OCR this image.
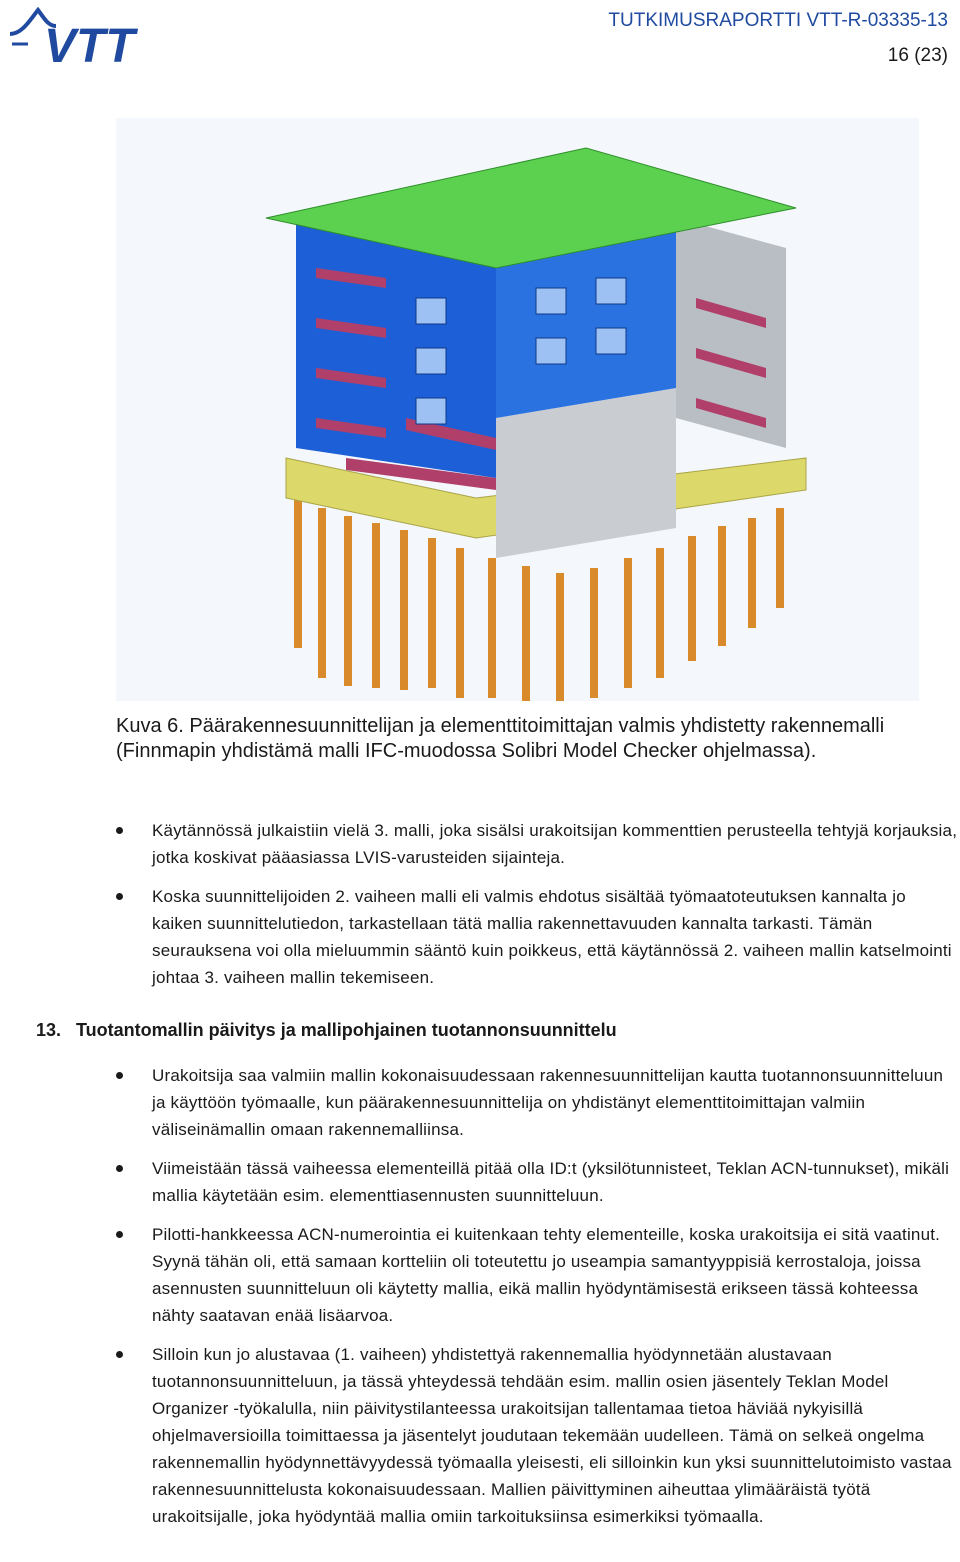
VTT	TUTKIMUSRAPORTTI VTT-R-03335-13
16 (23)
Kuva 6. Päärakennesuunnittelijan ja elementtitoimittajan valmis yhdistetty rakennemalli (Finnmapin yhdistämä malli IFC-muodossa Solibri Model Checker ohjelmassa).
Käytännössä julkaistiin vielä 3. malli, joka sisälsi urakoitsijan kommenttien perusteella tehtyjä korjauksia, jotka koskivat pääasiassa LVIS-varusteiden sijainteja.
Koska suunnittelijoiden 2. vaiheen malli eli valmis ehdotus sisältää työmaatoteutuksen kannalta jo kaiken suunnittelutiedon, tarkastellaan tätä mallia rakennettavuuden kannalta tarkasti. Tämän seurauksena voi olla mieluummin sääntö kuin poikkeus, että käytännössä 2. vaiheen mallin katselmointi johtaa 3. vaiheen mallin tekemiseen.
13. Tuotantomallin päivitys ja mallipohjainen tuotannonsuunnittelu
Urakoitsija saa valmiin mallin kokonaisuudessaan rakennesuunnittelijan kautta tuotannonsuunnitteluun ja käyttöön työmaalle, kun päärakennesuunnittelija on yhdistänyt elementtitoimittajan valmiin väliseinämallin omaan rakennemalliinsa.
Viimeistään tässä vaiheessa elementeillä pitää olla ID:t (yksilötunnisteet, Teklan ACN-tunnukset), mikäli mallia käytetään esim. elementtiasennusten suunnitteluun.
Pilotti-hankkeessa ACN-numerointia ei kuitenkaan tehty elementeille, koska urakoitsija ei sitä vaatinut. Syynä tähän oli, että samaan kortteliin oli toteutettu jo useampia samantyyppisiä kerrostaloja, joissa asennusten suunnitteluun oli käytetty mallia, eikä mallin hyödyntämisestä erikseen tässä kohteessa nähty saatavan enää lisäarvoa.
Silloin kun jo alustavaa (1. vaiheen) yhdistettyä rakennemallia hyödynnetään alustavaan tuotannonsuunnitteluun, ja tässä yhteydessä tehdään esim. mallin osien jäsentely Teklan Model Organizer -työkalulla, niin päivitystilanteessa urakoitsijan tallentamaa tietoa häviää nykyisillä ohjelmaversioilla toimittaessa ja jäsentelyt joudutaan tekemään uudelleen. Tämä on selkeä ongelma rakennemallin hyödynnettävyydessä työmaalla yleisesti, eli silloinkin kun yksi suunnittelutoimisto vastaa rakennesuunnittelusta kokonaisuudessaan. Mallien päivittyminen aiheuttaa ylimääräistä työtä urakoitsijalle, joka hyödyntää mallia omiin tarkoituksiinsa esimerkiksi työmaalla.
